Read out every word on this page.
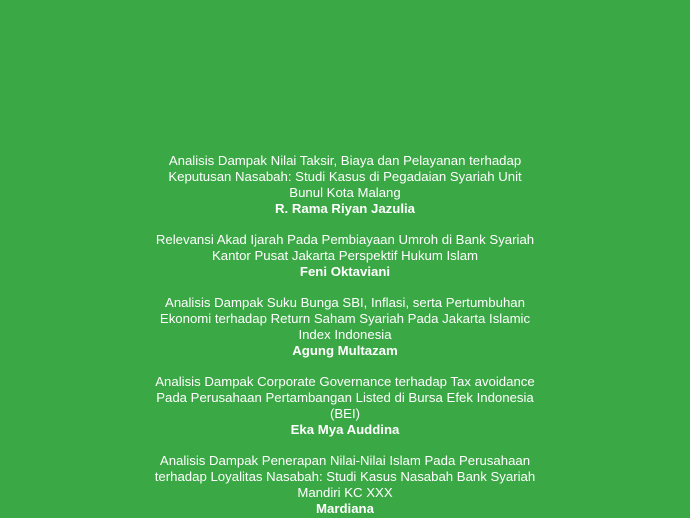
Analisis Dampak Nilai Taksir, Biaya dan Pelayanan terhadap
Keputusan Nasabah: Studi Kasus di Pegadaian Syariah Unit
Bunul Kota Malang
R. Rama Riyan Jazulia
Relevansi Akad Ijarah Pada Pembiayaan Umroh di Bank Syariah
Kantor Pusat Jakarta Perspektif Hukum Islam
Feni Oktaviani
Analisis Dampak Suku Bunga SBI, Inflasi, serta Pertumbuhan
Ekonomi terhadap Return Saham Syariah Pada Jakarta Islamic
Index Indonesia
Agung Multazam
Analisis Dampak Corporate Governance terhadap Tax avoidance
Pada Perusahaan Pertambangan Listed di Bursa Efek Indonesia
(BEI)
Eka Mya Auddina
Analisis Dampak Penerapan Nilai-Nilai Islam Pada Perusahaan
terhadap Loyalitas Nasabah: Studi Kasus Nasabah Bank Syariah
Mandiri KC XXX
Mardiana
